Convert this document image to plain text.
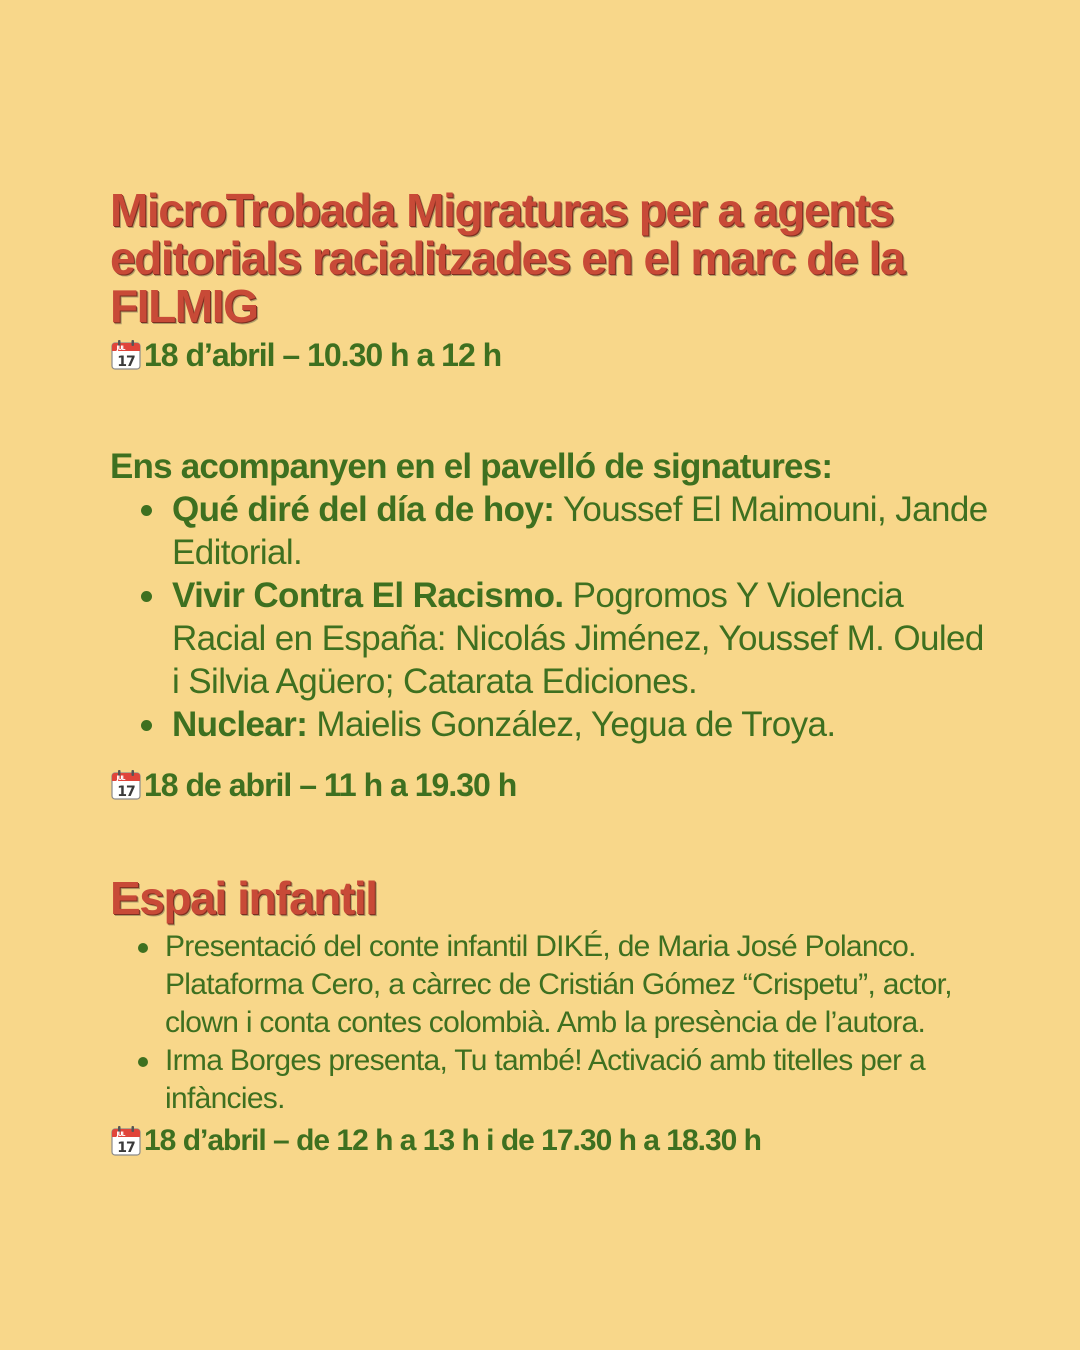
MicroTrobada Migraturas per a agents editorials racialitzades en el marc de la FILMIG

JUL
17 18 d’abril – 10.30 h a 12 h

Ens acompanyen en el pavelló de signatures:
Qué diré del día de hoy: Youssef El Maimouni, Jande Editorial.
Vivir Contra El Racismo. Pogromos Y Violencia Racial en España: Nicolás Jiménez, Youssef M. Ouled i Silvia Agüero; Catarata Ediciones.
Nuclear: Maielis González, Yegua de Troya.

JUL
17 18 de abril – 11 h a 19.30 h

Espai infantil
Presentació del conte infantil DIKÉ, de Maria José Polanco. Plataforma Cero, a càrrec de Cristián Gómez “Crispetu”, actor, clown i conta contes colombià. Amb la presència de l’autora.
Irma Borges presenta, Tu també! Activació amb titelles per a infàncies.

JUL
17 18 d’abril – de 12 h a 13 h i de 17.30 h a 18.30 h
